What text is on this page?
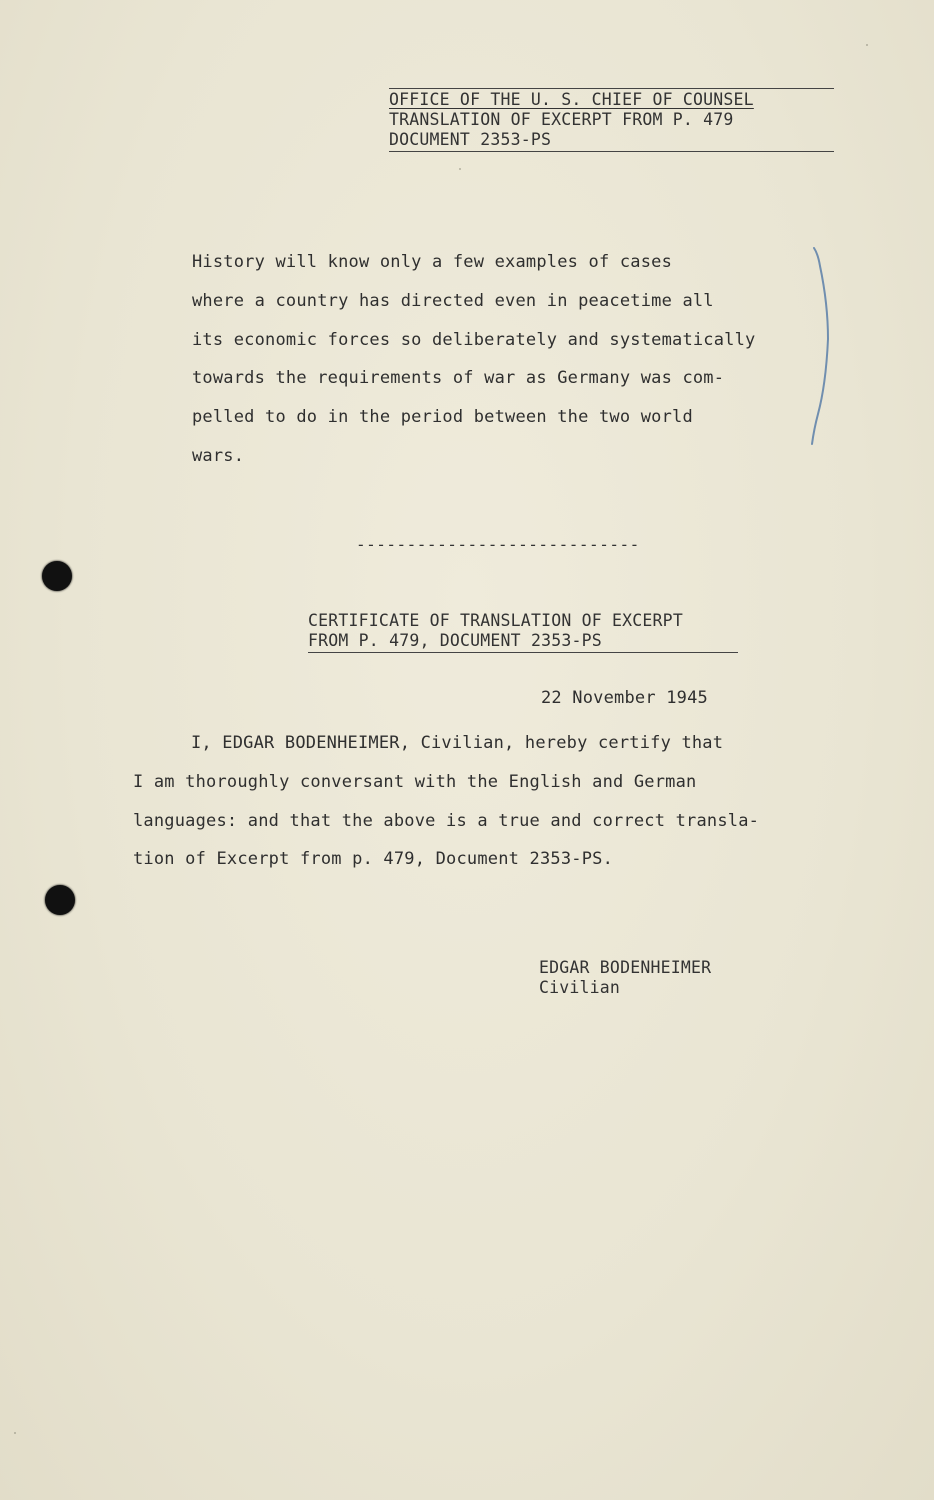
OFFICE OF THE U. S. CHIEF OF COUNSEL
TRANSLATION OF EXCERPT FROM P. 479
DOCUMENT 2353-PS
History will know only a few examples of cases
where a country has directed even in peacetime all
its economic forces so deliberately and systematically
towards the requirements of war as Germany was com-
pelled to do in the period between the two world
wars.
----------------------------
CERTIFICATE OF TRANSLATION OF EXCERPT
FROM P. 479, DOCUMENT 2353-PS
22 November 1945
I, EDGAR BODENHEIMER, Civilian, hereby certify that
I am thoroughly conversant with the English and German
languages: and that the above is a true and correct transla-
tion of Excerpt from p. 479, Document 2353-PS.
EDGAR BODENHEIMER
Civilian
